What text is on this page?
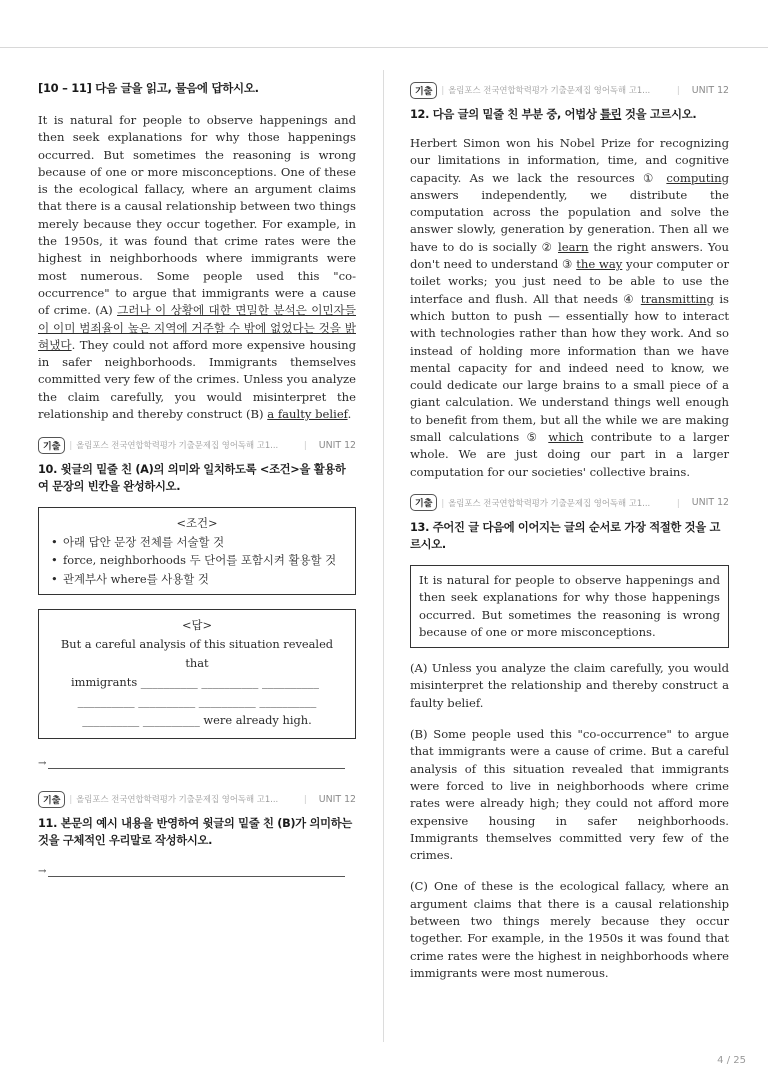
[10 – 11] 다음 글을 읽고, 물음에 답하시오.

It is natural for people to observe happenings and then seek explanations for why those happenings occurred. But sometimes the reasoning is wrong because of one or more misconceptions. One of these is the ecological fallacy, where an argument claims that there is a causal relationship between two things merely because they occur together. For example, in the 1950s, it was found that crime rates were the highest in neighborhoods where immigrants were most numerous. Some people used this "co-occurrence" to argue that immigrants were a cause of crime. (A) 그러나 이 상황에 대한 면밀한 분석은 이민자들이 이미 범죄율이 높은 지역에 거주할 수 밖에 없었다는 것을 밝혀냈다. They could not afford more expensive housing in safer neighborhoods. Immigrants themselves committed very few of the crimes. Unless you analyze the claim carefully, you would misinterpret the relationship and thereby construct (B) a faulty belief.

기출	| 올림포스 전국연합학력평가 기출문제집 영어독해 고1...	| UNIT 12

10. 윗글의 밑줄 친 (A)의 의미와 일치하도록 <조건>을 활용하여 문장의 빈칸을 완성하시오.

<조건>

• 아래 답안 문장 전체를 서술할 것
• force, neighborhoods 두 단어를 포함시켜 활용할 것
• 관계부사 where를 사용할 것

<답>

But a careful analysis of this situation revealed that

immigrants __________ __________ __________

__________ __________ __________ __________

__________ __________ were already high.

→
기출	| 올림포스 전국연합학력평가 기출문제집 영어독해 고1...	| UNIT 12

11. 본문의 예시 내용을 반영하여 윗글의 밑줄 친 (B)가 의미하는 것을 구체적인 우리말로 작성하시오.

→
기출	| 올림포스 전국연합학력평가 기출문제집 영어독해 고1...	| UNIT 12

12. 다음 글의 밑줄 친 부분 중, 어법상 틀린 것을 고르시오.

Herbert Simon won his Nobel Prize for recognizing our limitations in information, time, and cognitive capacity. As we lack the resources ① computing answers independently, we distribute the computation across the population and solve the answer slowly, generation by generation. Then all we have to do is socially ② learn the right answers. You don't need to understand ③ the way your computer or toilet works; you just need to be able to use the interface and flush. All that needs ④ transmitting is which button to push — essentially how to interact with technologies rather than how they work. And so instead of holding more information than we have mental capacity for and indeed need to know, we could dedicate our large brains to a small piece of a giant calculation. We understand things well enough to benefit from them, but all the while we are making small calculations ⑤ which contribute to a larger whole. We are just doing our part in a larger computation for our societies' collective brains.

기출	| 올림포스 전국연합학력평가 기출문제집 영어독해 고1...	| UNIT 12

13. 주어진 글 다음에 이어지는 글의 순서로 가장 적절한 것을 고르시오.

It is natural for people to observe happenings and then seek explanations for why those happenings occurred. But sometimes the reasoning is wrong because of one or more misconceptions.

(A) Unless you analyze the claim carefully, you would misinterpret the relationship and thereby construct a faulty belief.

(B) Some people used this "co-occurrence" to argue that immigrants were a cause of crime. But a careful analysis of this situation revealed that immigrants were forced to live in neighborhoods where crime rates were already high; they could not afford more expensive housing in safer neighborhoods. Immigrants themselves committed very few of the crimes.

(C) One of these is the ecological fallacy, where an argument claims that there is a causal relationship between two things merely because they occur together. For example, in the 1950s it was found that crime rates were the highest in neighborhoods where immigrants were most numerous.

4 / 25
